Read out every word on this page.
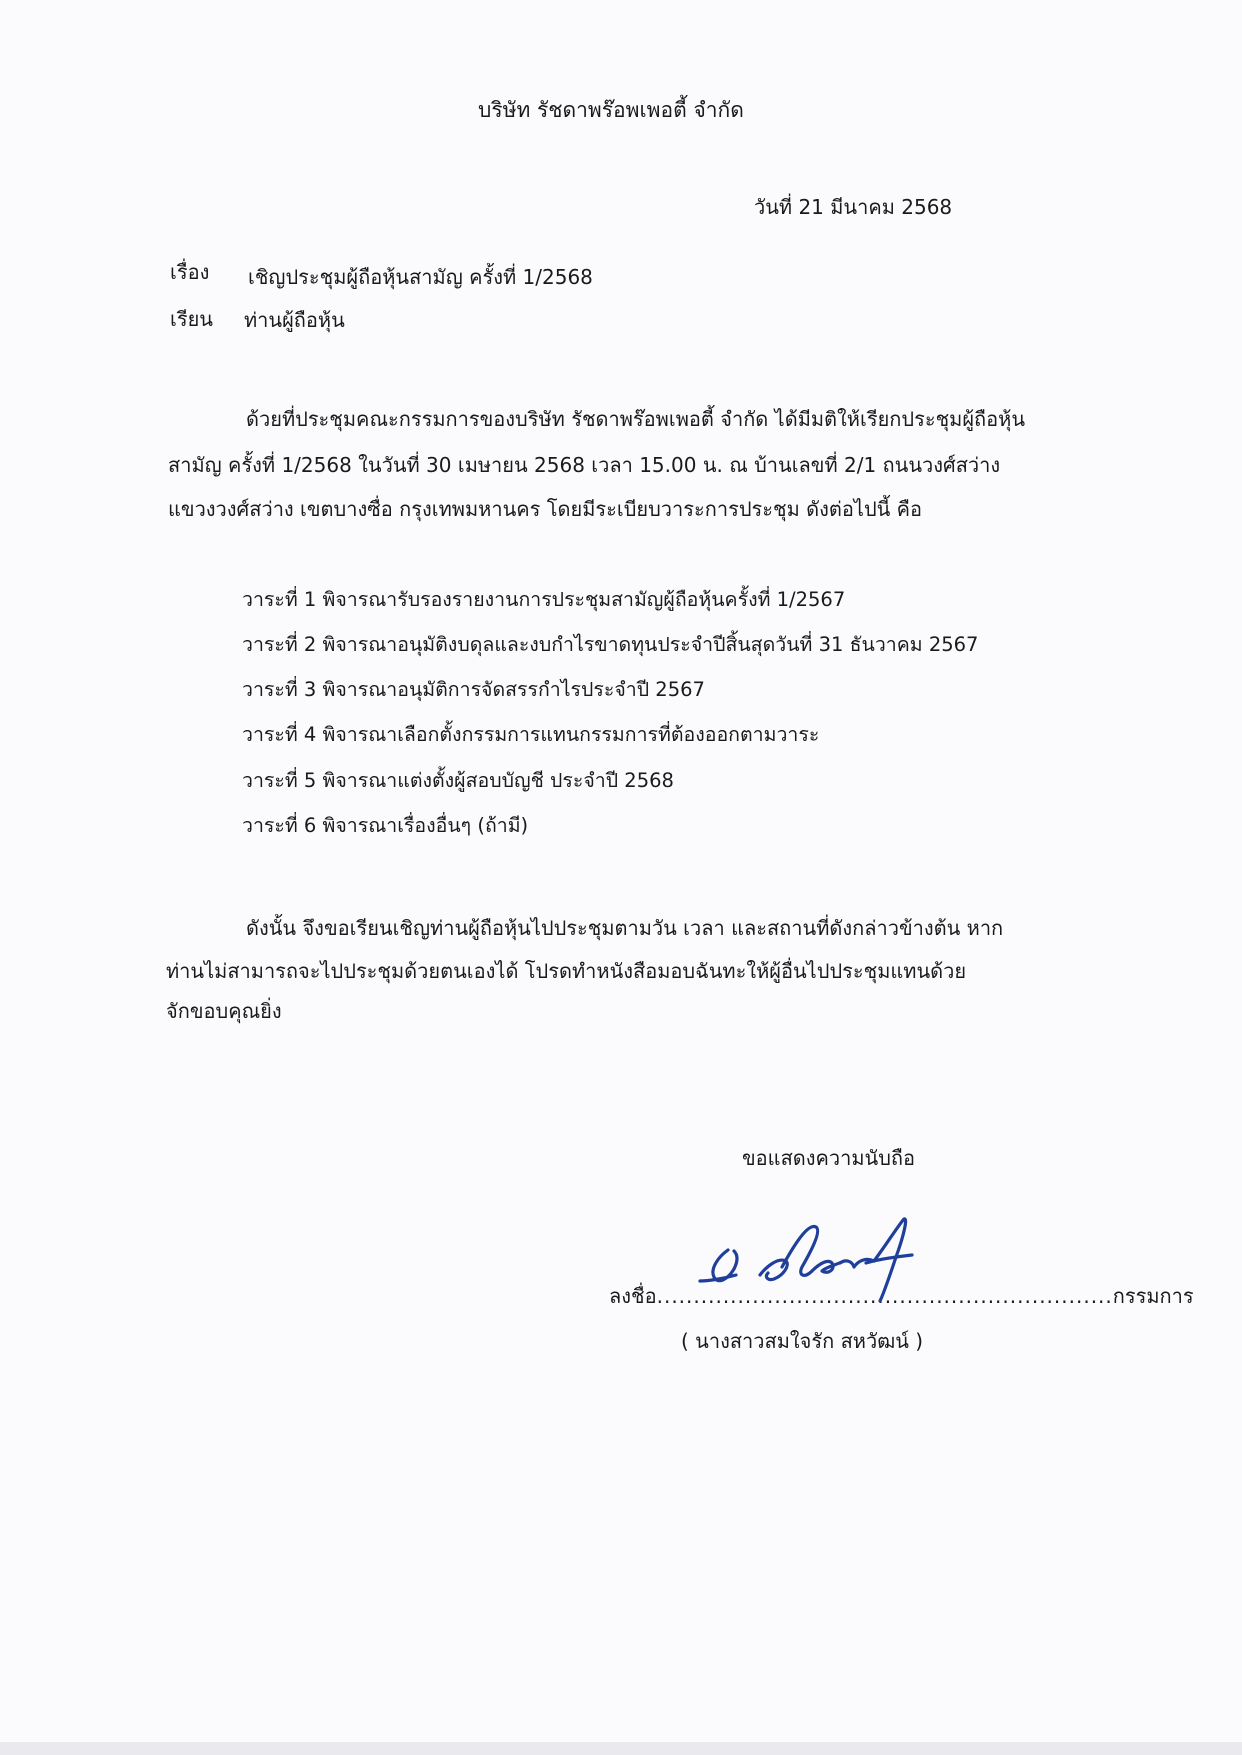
บริษัท รัชดาพร๊อพเพอตี้ จำกัด
วันที่ 21 มีนาคม 2568
เรื่อง เชิญประชุมผู้ถือหุ้นสามัญ ครั้งที่ 1/2568
เรียน ท่านผู้ถือหุ้น
ด้วยที่ประชุมคณะกรรมการของบริษัท รัชดาพร๊อพเพอตี้ จำกัด ได้มีมติให้เรียกประชุมผู้ถือหุ้น
สามัญ ครั้งที่ 1/2568 ในวันที่ 30 เมษายน 2568 เวลา 15.00 น. ณ บ้านเลขที่ 2/1 ถนนวงศ์สว่าง
แขวงวงศ์สว่าง เขตบางซื่อ กรุงเทพมหานคร โดยมีระเบียบวาระการประชุม ดังต่อไปนี้ คือ
วาระที่ 1 พิจารณารับรองรายงานการประชุมสามัญผู้ถือหุ้นครั้งที่ 1/2567
วาระที่ 2 พิจารณาอนุมัติงบดุลและงบกำไรขาดทุนประจำปีสิ้นสุดวันที่ 31 ธันวาคม 2567
วาระที่ 3 พิจารณาอนุมัติการจัดสรรกำไรประจำปี 2567
วาระที่ 4 พิจารณาเลือกตั้งกรรมการแทนกรรมการที่ต้องออกตามวาระ
วาระที่ 5 พิจารณาแต่งตั้งผู้สอบบัญชี ประจำปี 2568
วาระที่ 6 พิจารณาเรื่องอื่นๆ (ถ้ามี)
ดังนั้น จึงขอเรียนเชิญท่านผู้ถือหุ้นไปประชุมตามวัน เวลา และสถานที่ดังกล่าวข้างต้น หาก
ท่านไม่สามารถจะไปประชุมด้วยตนเองได้ โปรดทำหนังสือมอบฉันทะให้ผู้อื่นไปประชุมแทนด้วย
จักขอบคุณยิ่ง
ขอแสดงความนับถือ
ลงชื่อ..............................................................กรรมการ
( นางสาวสมใจรัก สหวัฒน์ )
